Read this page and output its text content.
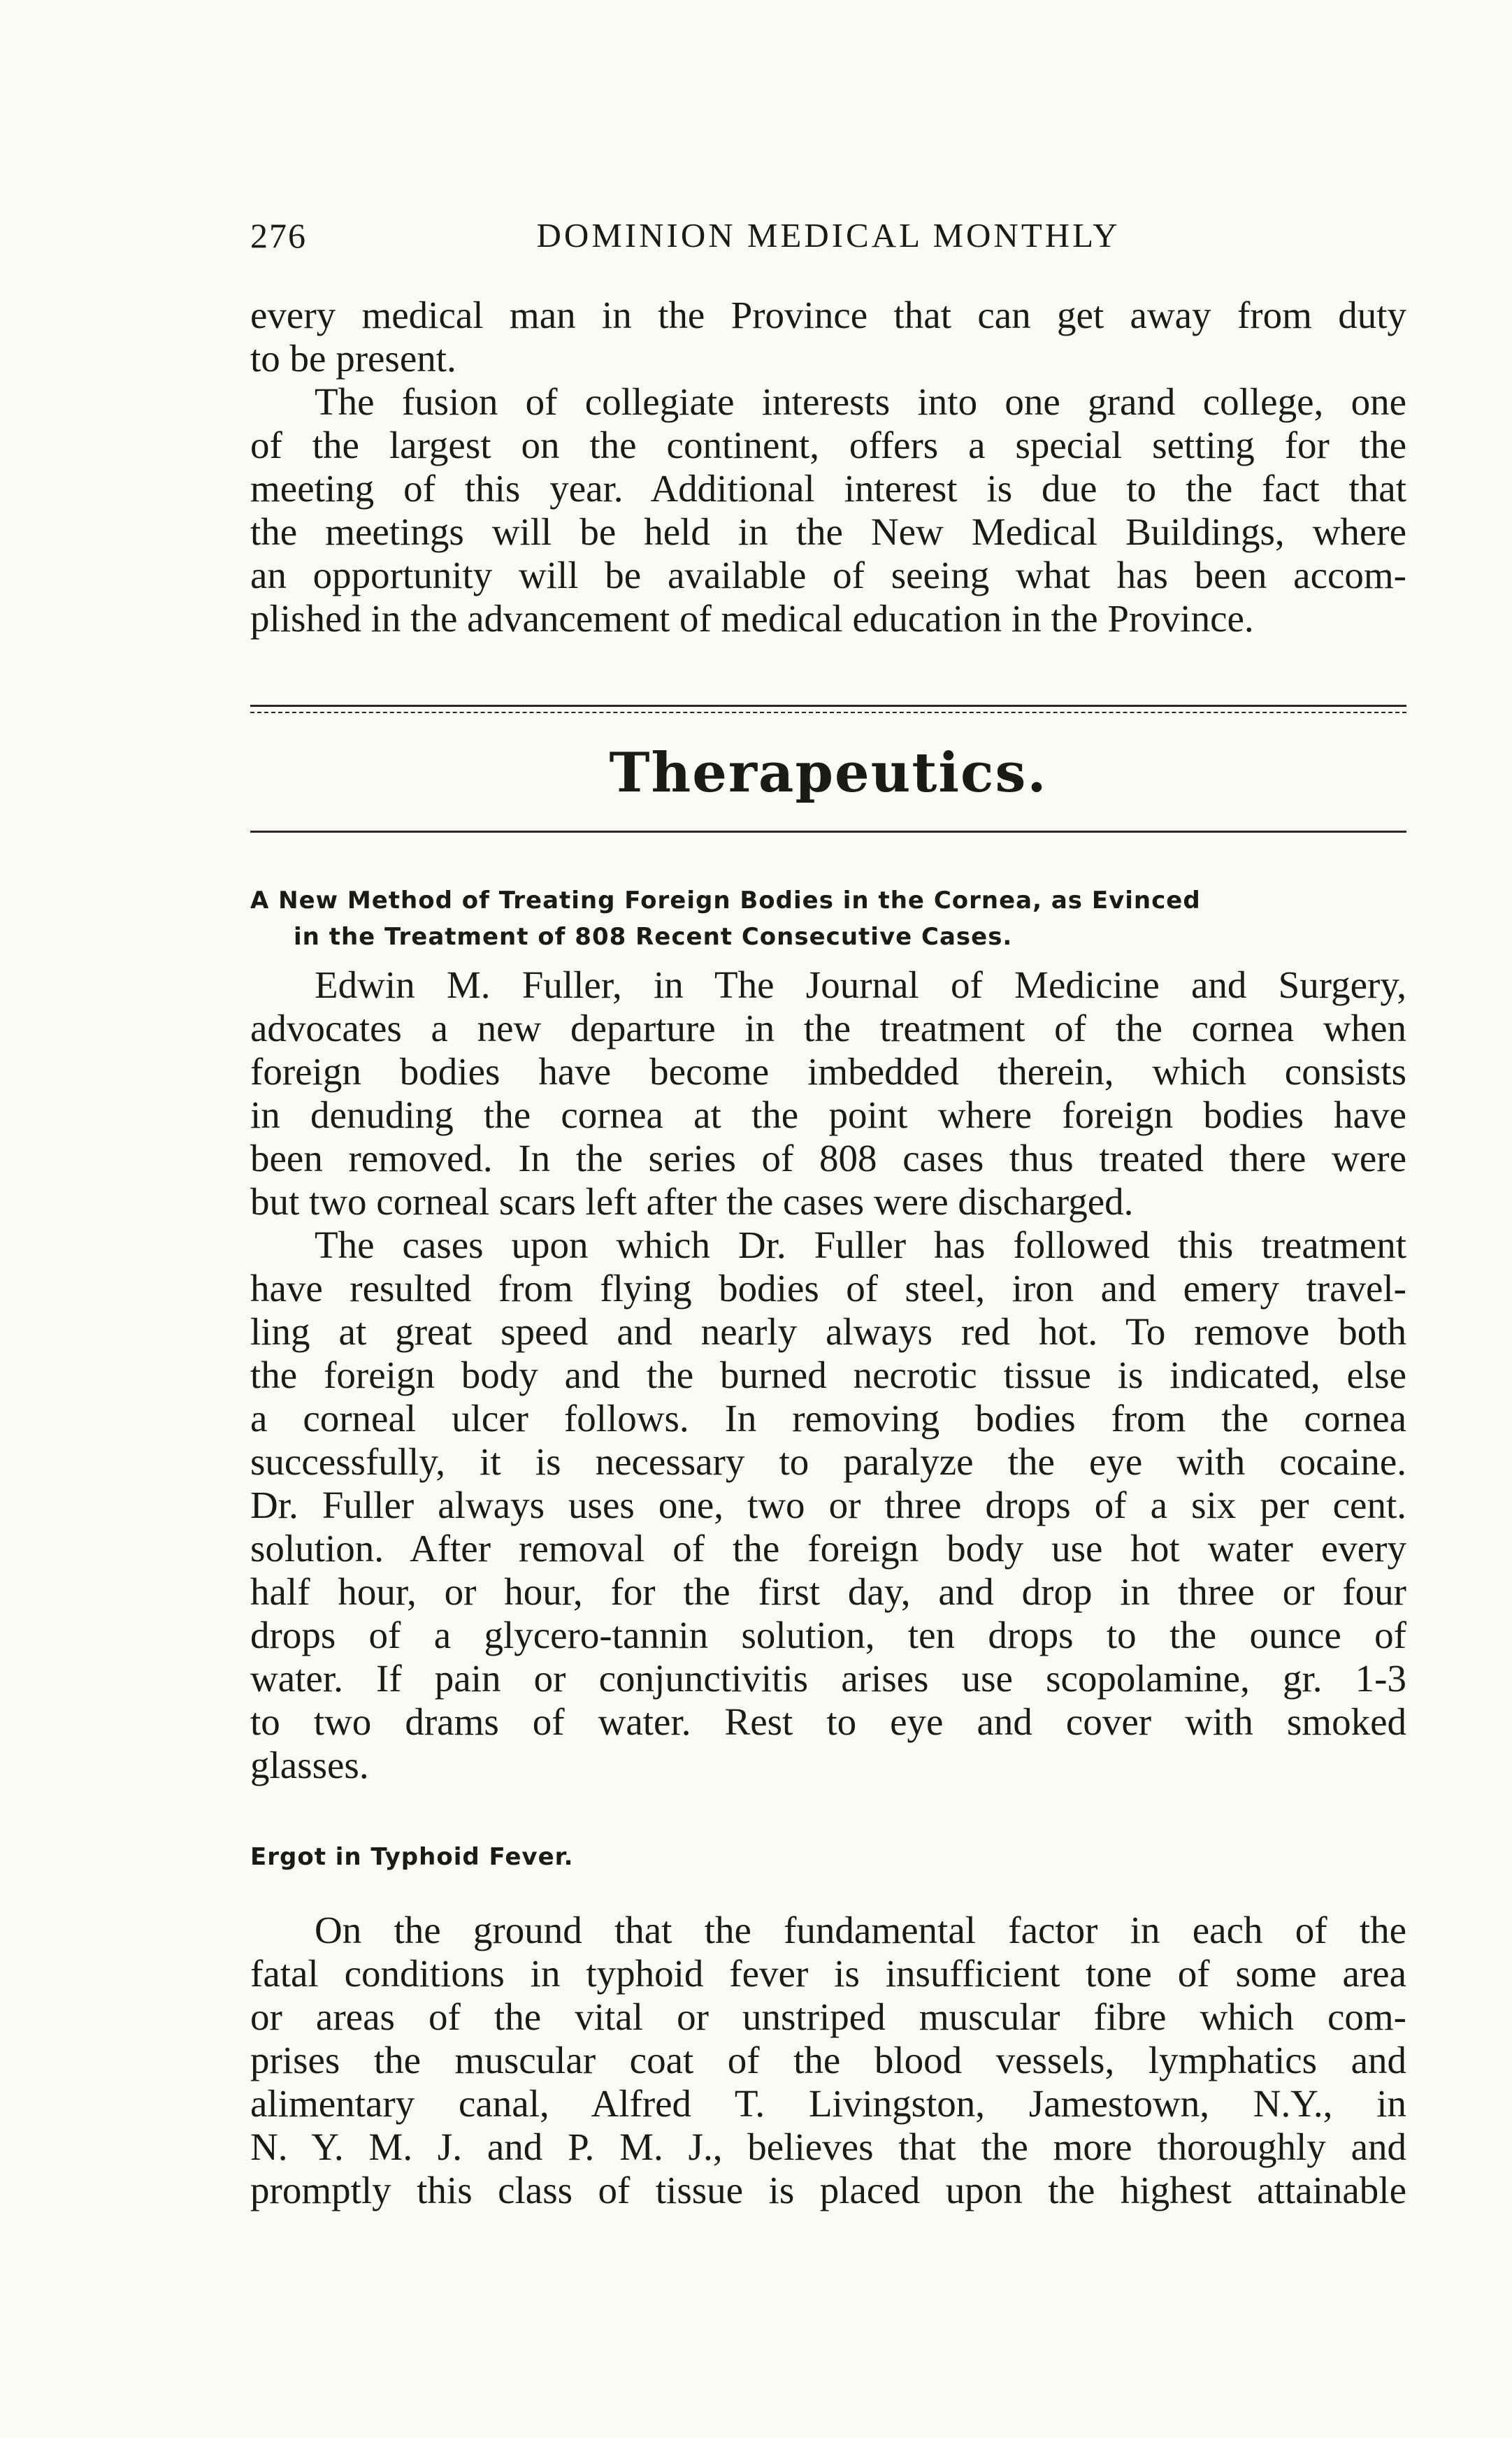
276	DOMINION MEDICAL MONTHLY
every medical man in the Province that can get away from duty
to be present.
The fusion of collegiate interests into one grand college, one
of the largest on the continent, offers a special setting for the
meeting of this year. Additional interest is due to the fact that
the meetings will be held in the New Medical Buildings, where
an opportunity will be available of seeing what has been accom-
plished in the advancement of medical education in the Province.
Therapeutics.
A New Method of Treating Foreign Bodies in the Cornea, as Evinced
in the Treatment of 808 Recent Consecutive Cases.
Edwin M. Fuller, in The Journal of Medicine and Surgery,
advocates a new departure in the treatment of the cornea when
foreign bodies have become imbedded therein, which consists
in denuding the cornea at the point where foreign bodies have
been removed. In the series of 808 cases thus treated there were
but two corneal scars left after the cases were discharged.
The cases upon which Dr. Fuller has followed this treatment
have resulted from flying bodies of steel, iron and emery travel-
ling at great speed and nearly always red hot. To remove both
the foreign body and the burned necrotic tissue is indicated, else
a corneal ulcer follows. In removing bodies from the cornea
successfully, it is necessary to paralyze the eye with cocaine.
Dr. Fuller always uses one, two or three drops of a six per cent.
solution. After removal of the foreign body use hot water every
half hour, or hour, for the first day, and drop in three or four
drops of a glycero-tannin solution, ten drops to the ounce of
water. If pain or conjunctivitis arises use scopolamine, gr. 1-3
to two drams of water. Rest to eye and cover with smoked
glasses.
Ergot in Typhoid Fever.
On the ground that the fundamental factor in each of the
fatal conditions in typhoid fever is insufficient tone of some area
or areas of the vital or unstriped muscular fibre which com-
prises the muscular coat of the blood vessels, lymphatics and
alimentary canal, Alfred T. Livingston, Jamestown, N.Y., in
N. Y. M. J. and P. M. J., believes that the more thoroughly and
promptly this class of tissue is placed upon the highest attainable
